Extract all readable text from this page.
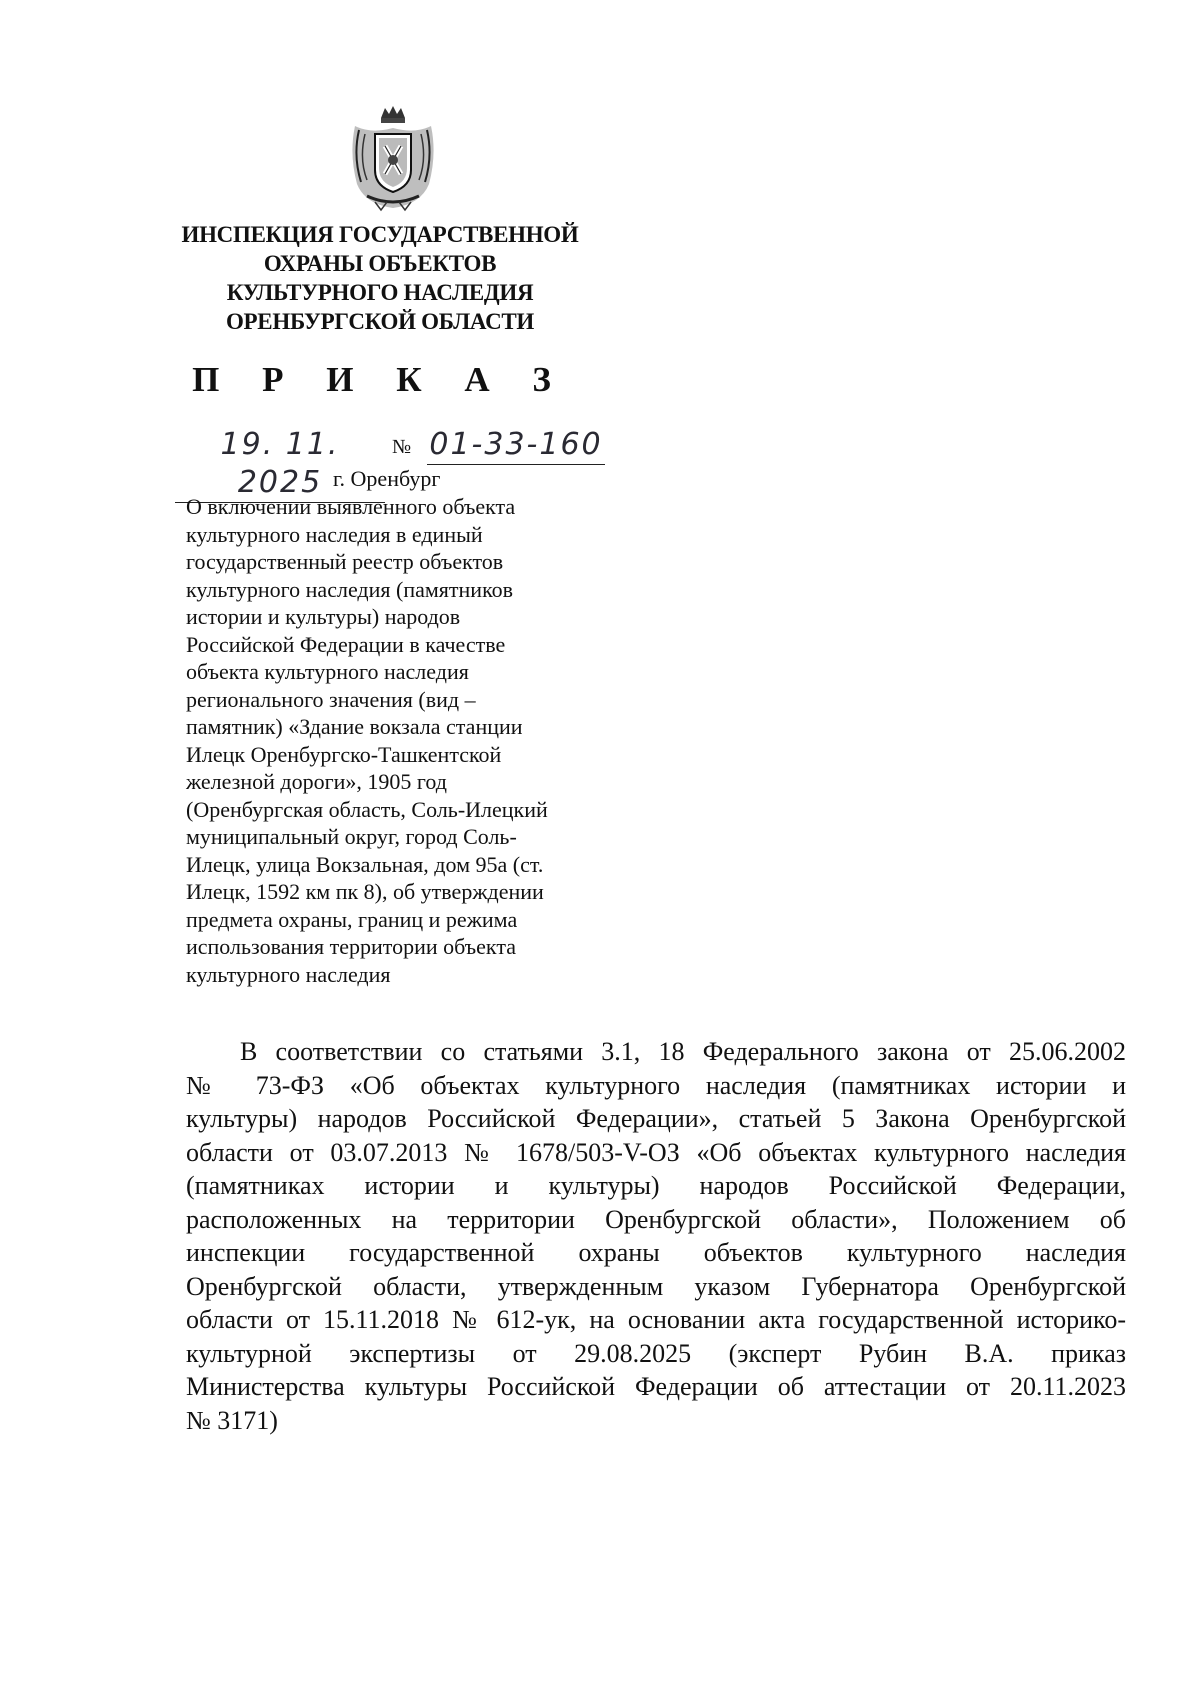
ИНСПЕКЦИЯ ГОСУДАРСТВЕННОЙ
ОХРАНЫ ОБЪЕКТОВ
КУЛЬТУРНОГО НАСЛЕДИЯ
ОРЕНБУРГСКОЙ ОБЛАСТИ
П Р И К А З
19. 11. 2025
№ 01-33-160
г. Оренбург
О включении выявленного объекта
культурного наследия в единый
государственный реестр объектов
культурного наследия (памятников
истории и культуры) народов
Российской Федерации в качестве
объекта культурного наследия
регионального значения (вид –
памятник) «Здание вокзала станции
Илецк Оренбургско-Ташкентской
железной дороги», 1905 год
(Оренбургская область, Соль-Илецкий
муниципальный округ, город Соль-
Илецк, улица Вокзальная, дом 95а (ст.
Илецк, 1592 км пк 8), об утверждении
предмета охраны, границ и режима
использования территории объекта
культурного наследия
В соответствии со статьями 3.1, 18 Федерального закона от 25.06.2002
№ 73-ФЗ «Об объектах культурного наследия (памятниках истории и
культуры) народов Российской Федерации», статьей 5 Закона Оренбургской
области от 03.07.2013 № 1678/503-V-ОЗ «Об объектах культурного наследия
(памятниках истории и культуры) народов Российской Федерации,
расположенных на территории Оренбургской области», Положением об
инспекции государственной охраны объектов культурного наследия
Оренбургской области, утвержденным указом Губернатора Оренбургской
области от 15.11.2018 № 612-ук, на основании акта государственной историко-
культурной экспертизы от 29.08.2025 (эксперт Рубин В.А. приказ
Министерства культуры Российской Федерации об аттестации от 20.11.2023
№ 3171)
